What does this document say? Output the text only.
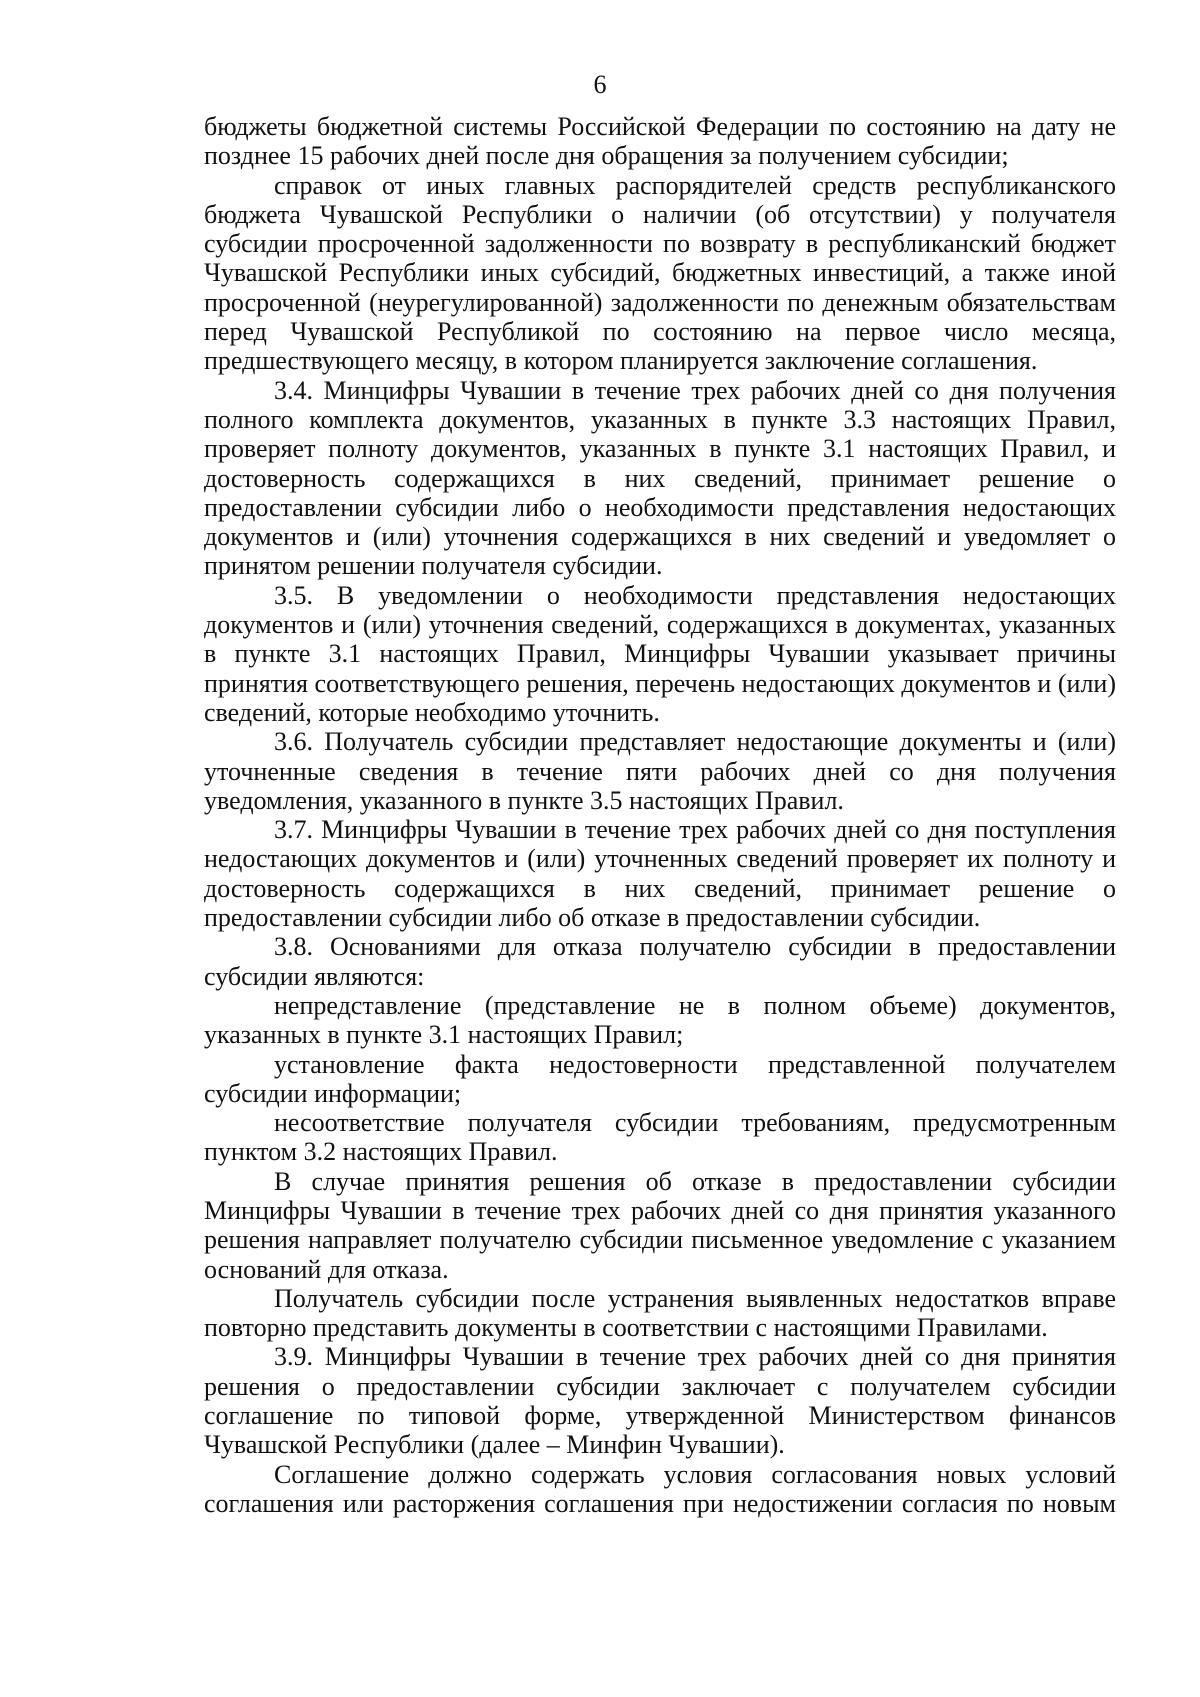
6

бюджеты бюджетной системы Российской Федерации по состоянию на дату не позднее 15 рабочих дней после дня обращения за получением субсидии;

справок от иных главных распорядителей средств республиканского бюджета Чувашской Республики о наличии (об отсутствии) у получателя субсидии просроченной задолженности по возврату в республиканский бюджет Чувашской Республики иных субсидий, бюджетных инвестиций, а также иной просроченной (неурегулированной) задолженности по денежным обязательствам перед Чувашской Республикой по состоянию на первое число месяца, предшествующего месяцу, в котором планируется заключение соглашения.

3.4. Минцифры Чувашии в течение трех рабочих дней со дня получения полного комплекта документов, указанных в пункте 3.3 настоящих Правил, проверяет полноту документов, указанных в пункте 3.1 настоящих Правил, и достоверность содержащихся в них сведений, принимает решение о предоставлении субсидии либо о необходимости представления недостающих документов и (или) уточнения содержащихся в них сведений и уведомляет о принятом решении получателя субсидии.

3.5. В уведомлении о необходимости представления недостающих документов и (или) уточнения сведений, содержащихся в документах, указанных в пункте 3.1 настоящих Правил, Минцифры Чувашии указывает причины принятия соответствующего решения, перечень недостающих документов и (или) сведений, которые необходимо уточнить.

3.6. Получатель субсидии представляет недостающие документы и (или) уточненные сведения в течение пяти рабочих дней со дня получения уведомления, указанного в пункте 3.5 настоящих Правил.

3.7. Минцифры Чувашии в течение трех рабочих дней со дня поступления недостающих документов и (или) уточненных сведений проверяет их полноту и достоверность содержащихся в них сведений, принимает решение о предоставлении субсидии либо об отказе в предоставлении субсидии.

3.8. Основаниями для отказа получателю субсидии в предоставлении субсидии являются:

непредставление (представление не в полном объеме) документов, указанных в пункте 3.1 настоящих Правил;

установление факта недостоверности представленной получателем субсидии информации;

несоответствие получателя субсидии требованиям, предусмотренным пунктом 3.2 настоящих Правил.

В случае принятия решения об отказе в предоставлении субсидии Минцифры Чувашии в течение трех рабочих дней со дня принятия указанного решения направляет получателю субсидии письменное уведомление с указанием оснований для отказа.

Получатель субсидии после устранения выявленных недостатков вправе повторно представить документы в соответствии с настоящими Правилами.

3.9. Минцифры Чувашии в течение трех рабочих дней со дня принятия решения о предоставлении субсидии заключает с получателем субсидии соглашение по типовой форме, утвержденной Министерством финансов Чувашской Республики (далее – Минфин Чувашии).

Соглашение должно содержать условия согласования новых условий соглашения или расторжения соглашения при недостижении согласия по новым
